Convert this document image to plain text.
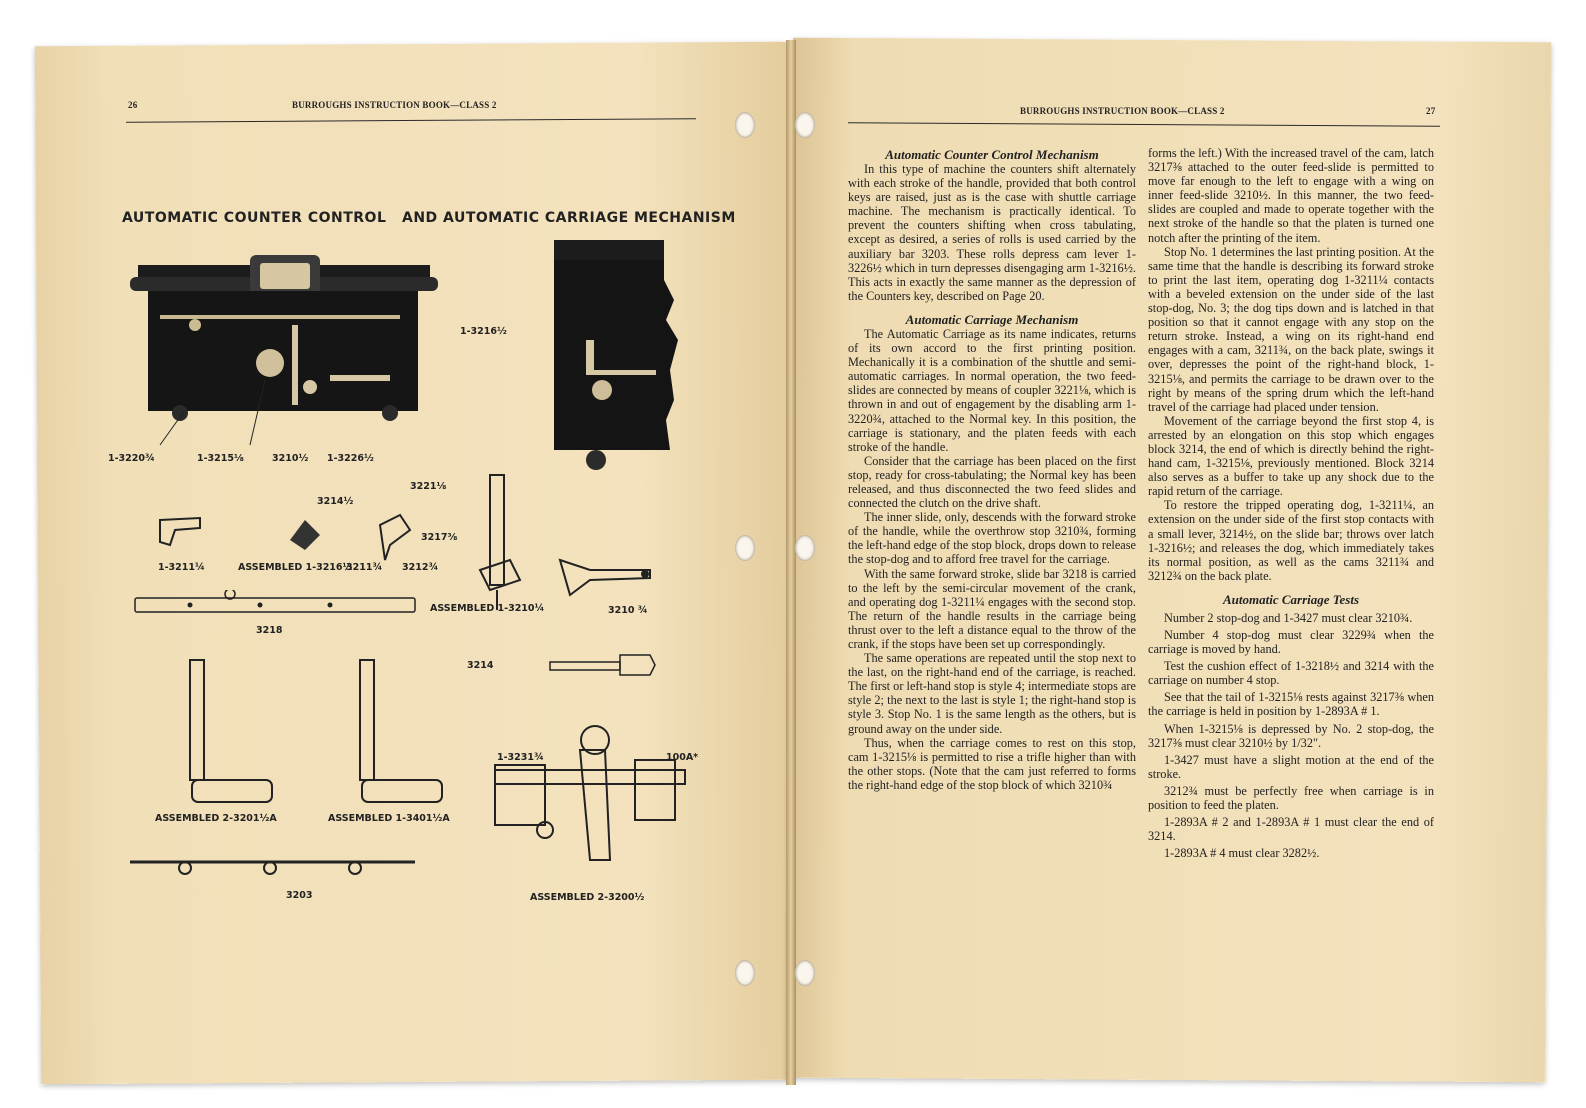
26	BURROUGHS INSTRUCTION BOOK—CLASS 2
AUTOMATIC COUNTER CONTROL AND AUTOMATIC CARRIAGE MECHANISM
1-3220¾	1-3215⅛	3210½ 1-3226½
1-3216½
3221⅛
3214½
3217⅜
1-3211¼	ASSEMBLED 1-3216½
3211¾ 3212¾
ASSEMBLED 1-3210¼	3210 ¾
3218
3214
1-3231¾	100A*
ASSEMBLED 2-3201½A	ASSEMBLED 1-3401½A
3203	ASSEMBLED 2-3200½
BURROUGHS INSTRUCTION BOOK—CLASS 2	27
Automatic Counter Control Mechanism

In this type of machine the counters shift alternately with each stroke of the handle, provided that both control keys are raised, just as is the case with shuttle carriage machine. The mechanism is practically identical. To prevent the counters shifting when cross tabulating, except as desired, a series of rolls is used carried by the auxiliary bar 3203. These rolls depress cam lever 1-3226½ which in turn depresses disengaging arm 1-3216½. This acts in exactly the same manner as the depression of the Counters key, described on Page 20.

Automatic Carriage Mechanism

The Automatic Carriage as its name indicates, returns of its own accord to the first printing position. Mechanically it is a combination of the shuttle and semi-automatic carriages. In normal operation, the two feed-slides are connected by means of coupler 3221⅛, which is thrown in and out of engagement by the disabling arm 1-3220¾, attached to the Normal key. In this position, the carriage is stationary, and the platen feeds with each stroke of the handle.

Consider that the carriage has been placed on the first stop, ready for cross-tabulating; the Normal key has been released, and thus disconnected the two feed slides and connected the clutch on the drive shaft.

The inner slide, only, descends with the forward stroke of the handle, while the overthrow stop 3210¾, forming the left-hand edge of the stop block, drops down to release the stop-dog and to afford free travel for the carriage.

With the same forward stroke, slide bar 3218 is carried to the left by the semi-circular movement of the crank, and operating dog 1-3211¼ engages with the second stop. The return of the handle results in the carriage being thrust over to the left a distance equal to the throw of the crank, if the stops have been set up correspondingly.

The same operations are repeated until the stop next to the last, on the right-hand end of the carriage, is reached. The first or left-hand stop is style 4; intermediate stops are style 2; the next to the last is style 1; the right-hand stop is style 3. Stop No. 1 is the same length as the others, but is ground away on the under side.

Thus, when the carriage comes to rest on this stop, cam 1-3215⅛ is permitted to rise a trifle higher than with the other stops. (Note that the cam just referred to forms the right-hand edge of the stop block of which 3210¾

forms the left.) With the increased travel of the cam, latch 3217⅜ attached to the outer feed-slide is permitted to move far enough to the left to engage with a wing on inner feed-slide 3210½. In this manner, the two feed-slides are coupled and made to operate together with the next stroke of the handle so that the platen is turned one notch after the printing of the item.

Stop No. 1 determines the last printing position. At the same time that the handle is describing its forward stroke to print the last item, operating dog 1-3211¼ contacts with a beveled extension on the under side of the last stop-dog, No. 3; the dog tips down and is latched in that position so that it cannot engage with any stop on the return stroke. Instead, a wing on its right-hand end engages with a cam, 3211¾, on the back plate, swings it over, depresses the point of the right-hand block, 1-3215⅛, and permits the carriage to be drawn over to the right by means of the spring drum which the left-hand travel of the carriage had placed under tension.

Movement of the carriage beyond the first stop 4, is arrested by an elongation on this stop which engages block 3214, the end of which is directly behind the right-hand cam, 1-3215⅛, previously mentioned. Block 3214 also serves as a buffer to take up any shock due to the rapid return of the carriage.

To restore the tripped operating dog, 1-3211¼, an extension on the under side of the first stop contacts with a small lever, 3214½, on the slide bar; throws over latch 1-3216½; and releases the dog, which immediately takes its normal position, as well as the cams 3211¾ and 3212¾ on the back plate.

Automatic Carriage Tests

Number 2 stop-dog and 1-3427 must clear 3210¾.

Number 4 stop-dog must clear 3229¾ when the carriage is moved by hand.

Test the cushion effect of 1-3218½ and 3214 with the carriage on number 4 stop.

See that the tail of 1-3215⅛ rests against 3217⅜ when the carriage is held in position by 1-2893A # 1.

When 1-3215⅛ is depressed by No. 2 stop-dog, the 3217⅜ must clear 3210½ by 1/32".

1-3427 must have a slight motion at the end of the stroke.

3212¾ must be perfectly free when carriage is in position to feed the platen.

1-2893A # 2 and 1-2893A # 1 must clear the end of 3214.

1-2893A # 4 must clear 3282½.
